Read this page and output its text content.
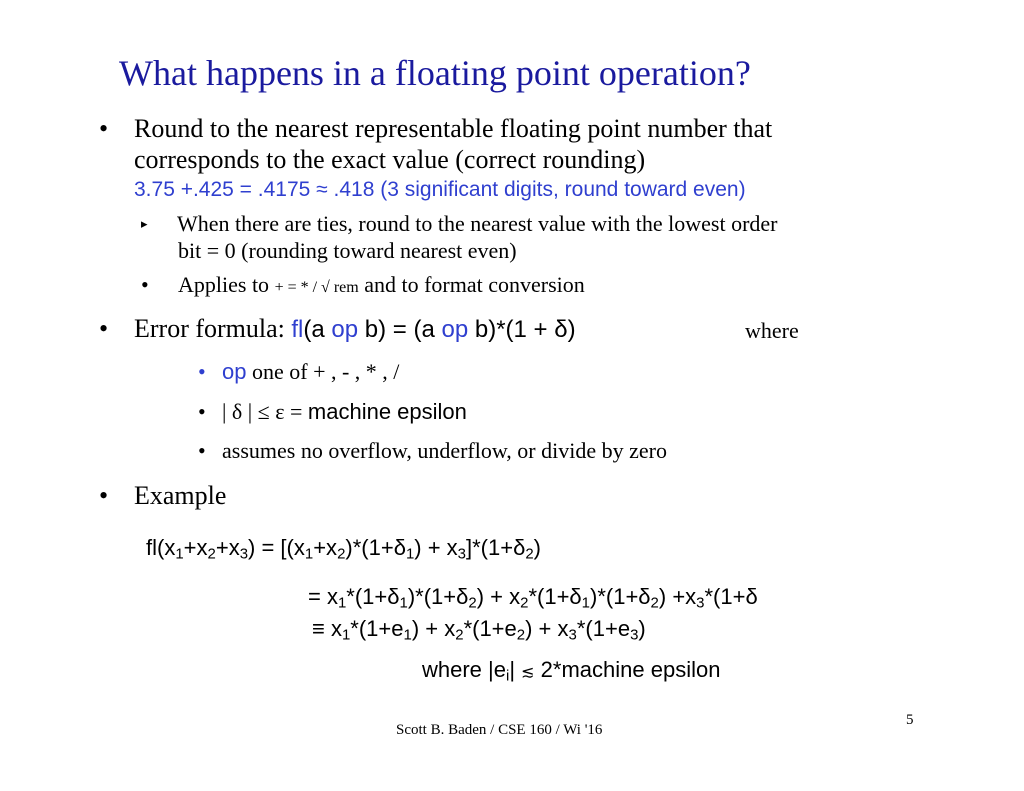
What happens in a floating point operation?
• Round to the nearest representable floating point number that
corresponds to the exact value (correct rounding)
3.75 +.425 = .4175 ≈ .418 (3 significant digits, round toward even)
▸ When there are ties, round to the nearest value with the lowest order
bit = 0 (rounding toward nearest even)
• Applies to + = * / √ rem and to format conversion
• Error formula: fl(a op b) = (a op b)*(1 + δ)	where
• op one of + , - , * , /
• | δ | ≤ ε = machine epsilon
• assumes no overflow, underflow, or divide by zero
• Example
$fl(x_1+x_2+x_3) = [(x_1+x_2)*(1+\delta_1) + x_3]*(1+\delta_2)$
= $x_1*(1+\delta_1)*(1+\delta_2) + x_2*(1+\delta_1)*(1+\delta_2) +x_3*(1+\delta$
≡ $x_1*(1+e_1) + x_2*(1+e_2) + x_3*(1+e_3)$
where $|e_i|$ ≲ 2*machine epsilon
Scott B. Baden / CSE 160 / Wi '16
5
